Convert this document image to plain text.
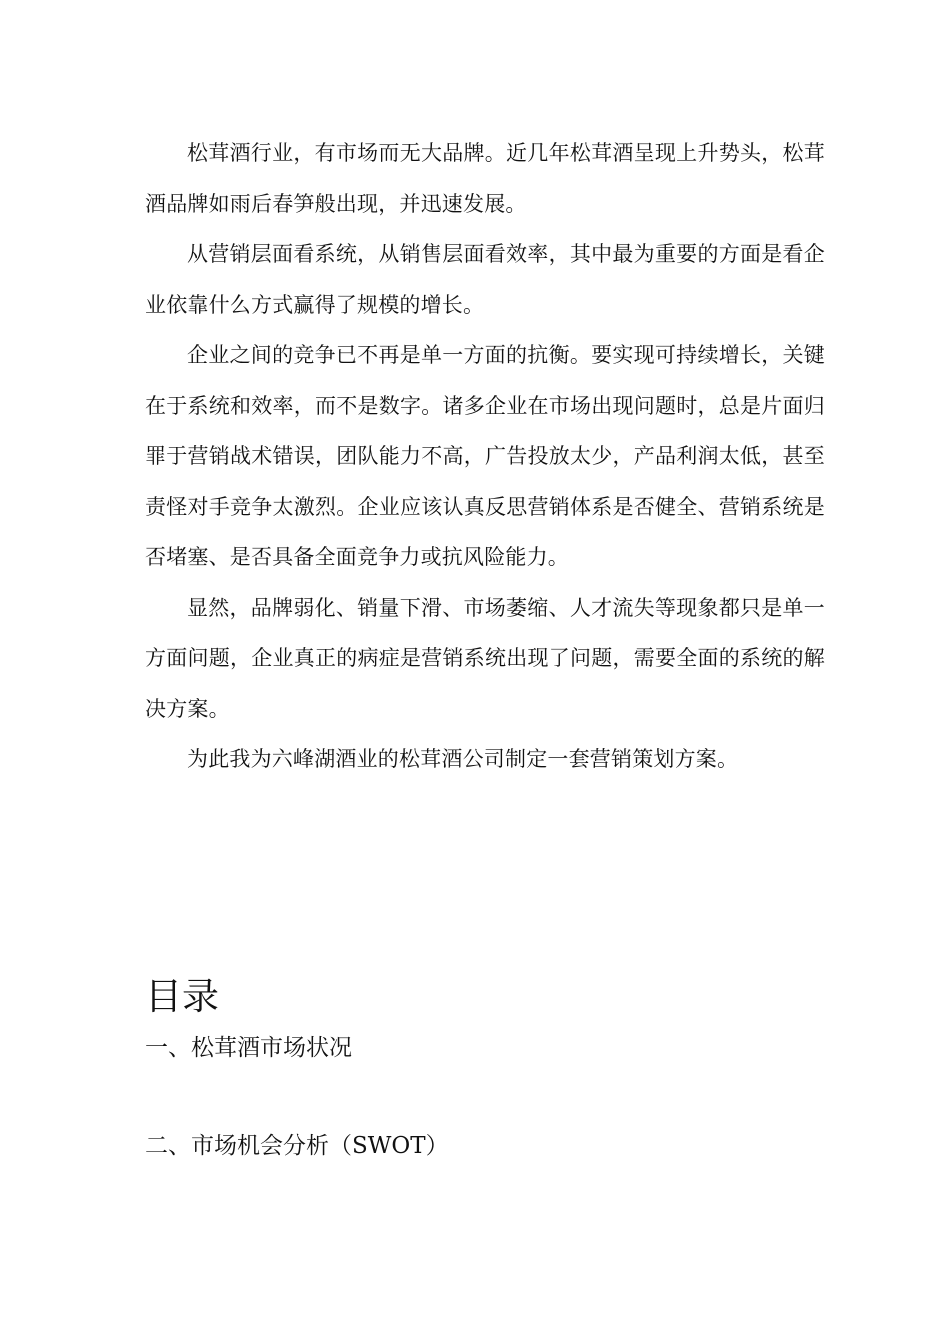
松茸酒行业，有市场而无大品牌。近几年松茸酒呈现上升势头，松茸酒品牌如雨后春笋般出现，并迅速发展。

从营销层面看系统，从销售层面看效率，其中最为重要的方面是看企业依靠什么方式赢得了规模的增长。

企业之间的竞争已不再是单一方面的抗衡。要实现可持续增长，关键在于系统和效率，而不是数字。诸多企业在市场出现问题时，总是片面归罪于营销战术错误，团队能力不高，广告投放太少，产品利润太低，甚至责怪对手竞争太激烈。企业应该认真反思营销体系是否健全、营销系统是否堵塞、是否具备全面竞争力或抗风险能力。

显然，品牌弱化、销量下滑、市场萎缩、人才流失等现象都只是单一方面问题，企业真正的病症是营销系统出现了问题，需要全面的系统的解决方案。

为此我为六峰湖酒业的松茸酒公司制定一套营销策划方案。

目录

一、松茸酒市场状况

二、市场机会分析（SWOT）
